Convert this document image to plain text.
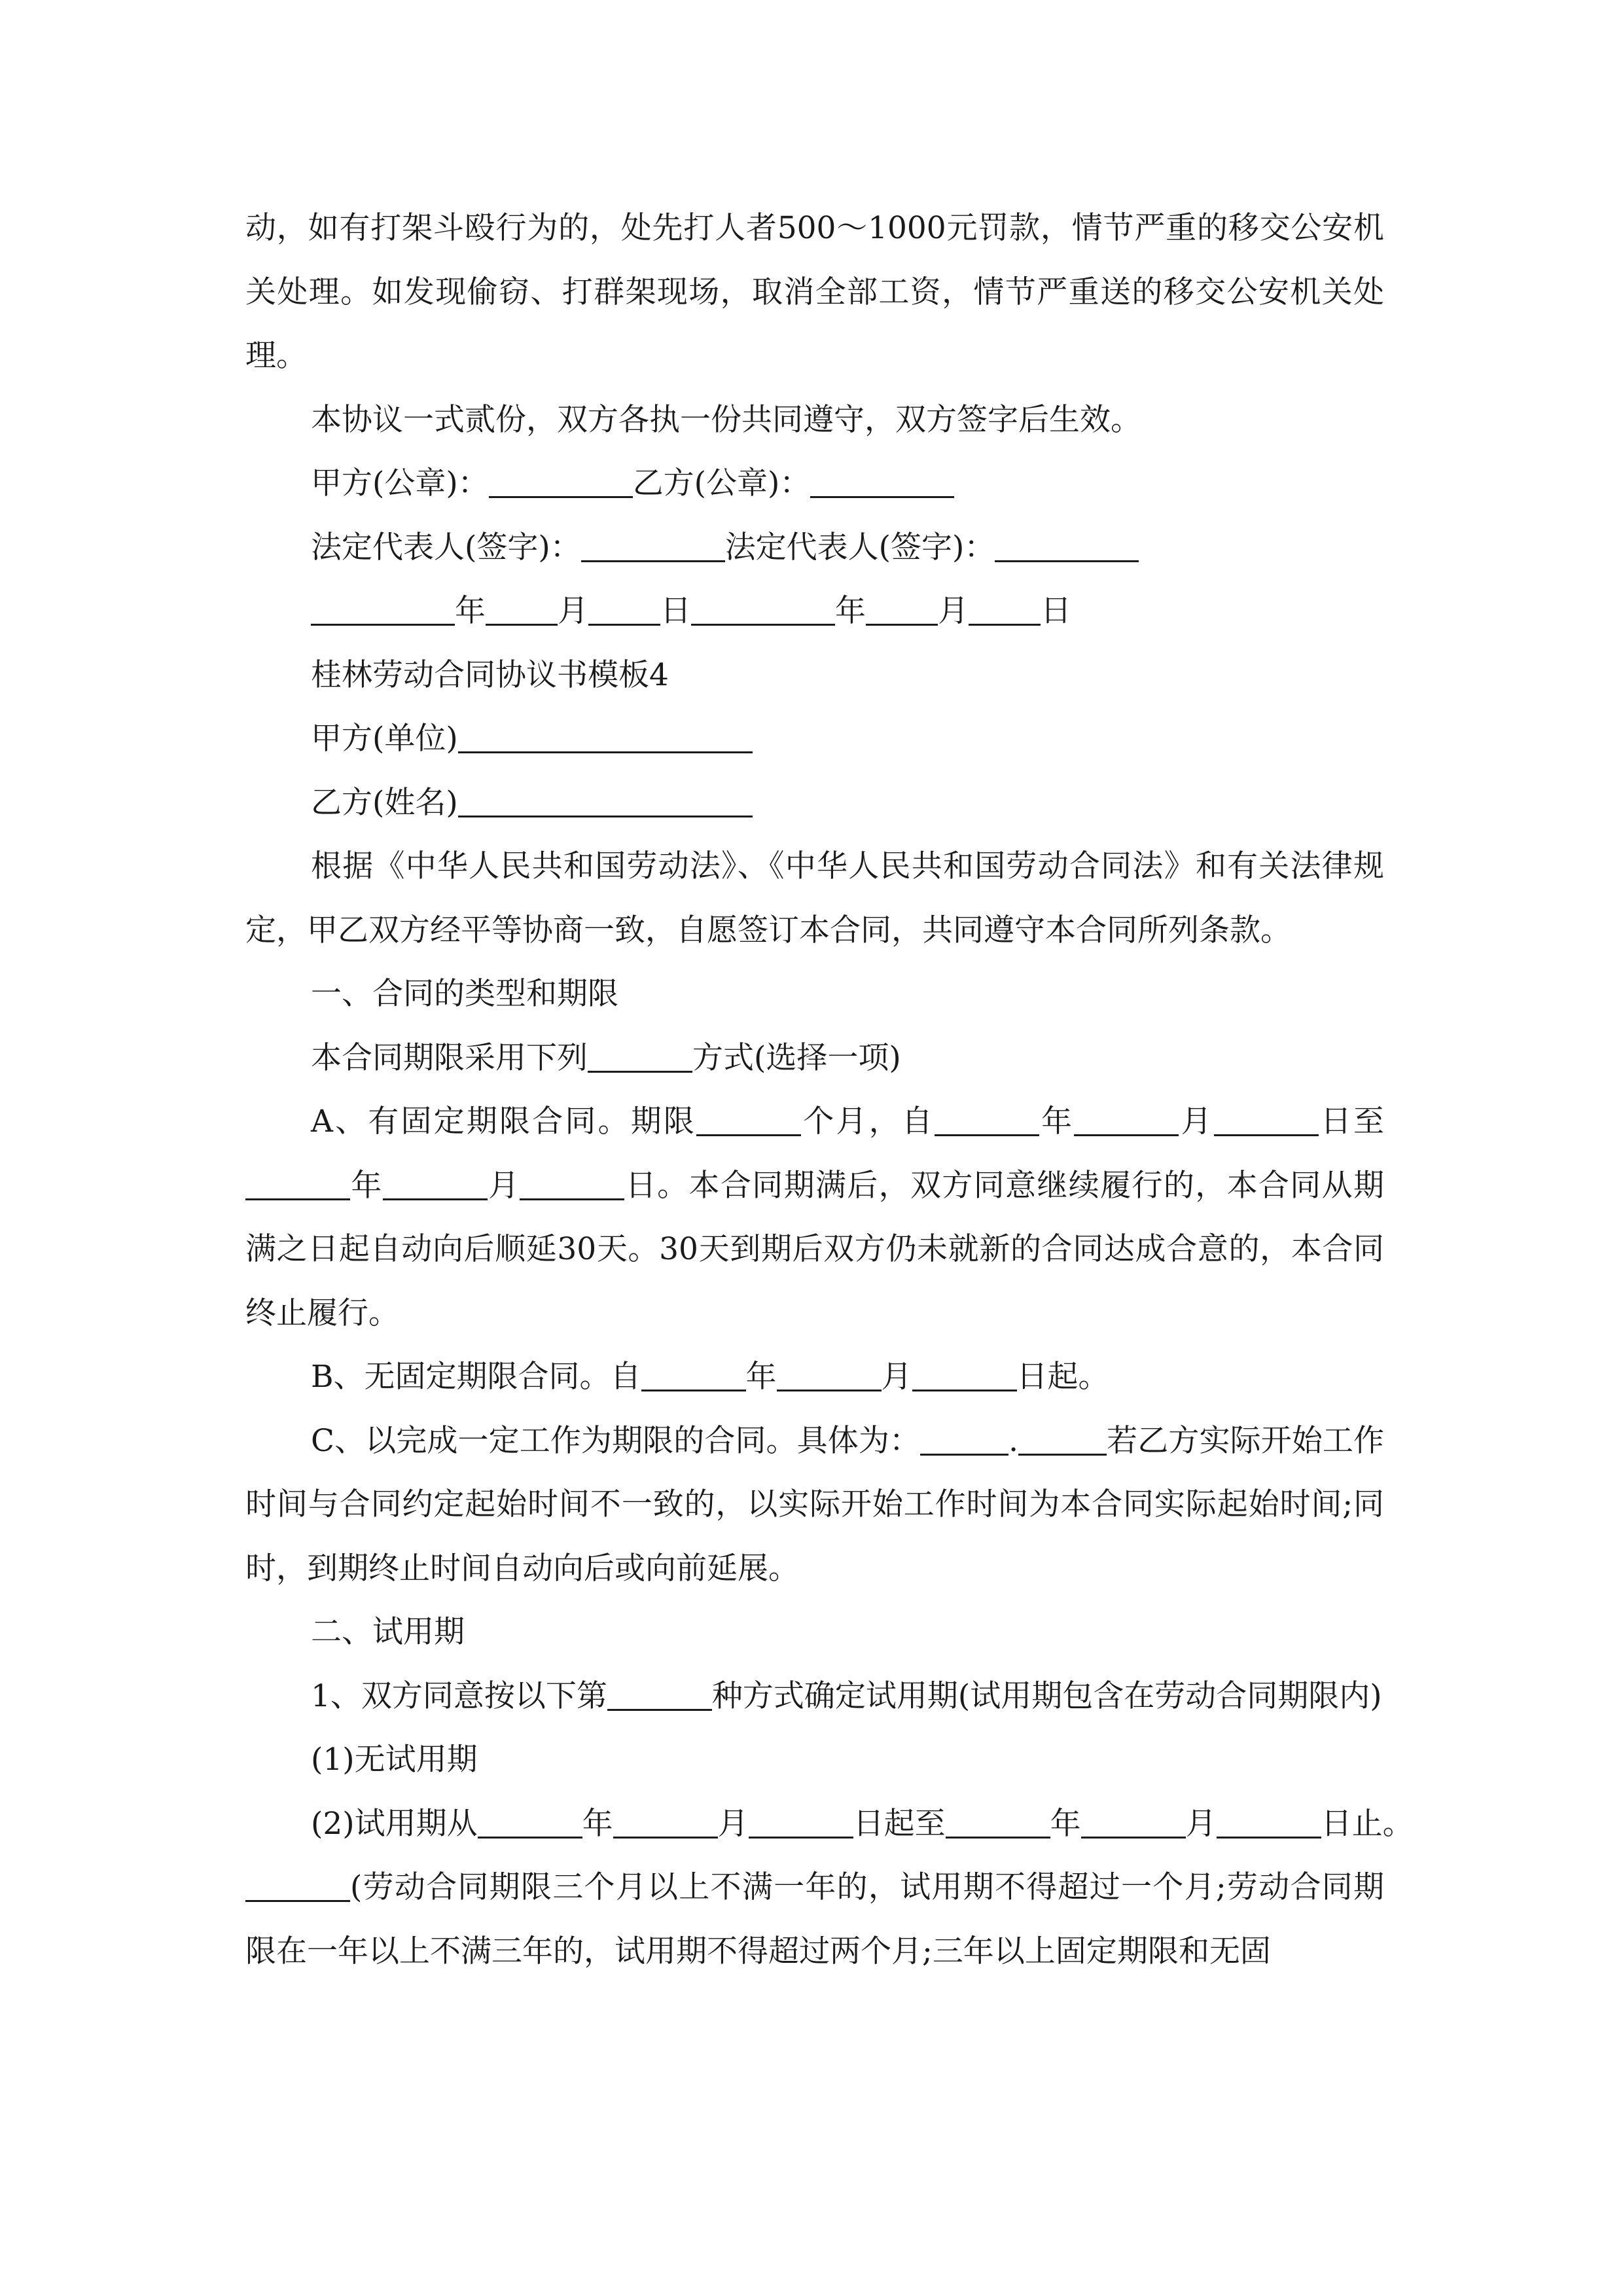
动，如有打架斗殴行为的，处先打人者500～1000元罚款，情节严重的移交公安机关处理。如发现偷窃、打群架现场，取消全部工资，情节严重送的移交公安机关处理。

本协议一式贰份，双方各执一份共同遵守，双方签字后生效。

甲方(公章)：	乙方(公章)：

法定代表人(签字)：	法定代表人(签字)：

年 月 日	年 月 日

桂林劳动合同协议书模板4

甲方(单位)

乙方(姓名)

根据《中华人民共和国劳动法》、《中华人民共和国劳动合同法》和有关法律规定，甲乙双方经平等协商一致，自愿签订本合同，共同遵守本合同所列条款。

一、合同的类型和期限

本合同期限采用下列	方式(选择一项)

A、有固定期限合同。期限	个月，自	年	月	日至年	月	日。本合同期满后，双方同意继续履行的，本合同从期满之日起自动向后顺延30天。30天到期后双方仍未就新的合同达成合意的，本合同终止履行。

B、无固定期限合同。自	年	月	日起。

C、以完成一定工作为期限的合同。具体为：	.	若乙方实际开始工作时间与合同约定起始时间不一致的，以实际开始工作时间为本合同实际起始时间;同时，到期终止时间自动向后或向前延展。

二、试用期

1、双方同意按以下第	种方式确定试用期(试用期包含在劳动合同期限内)

(1)无试用期

(2)试用期从	年	月	日起至	年	月	日止。

(劳动合同期限三个月以上不满一年的，试用期不得超过一个月;劳动合同期限在一年以上不满三年的，试用期不得超过两个月;三年以上固定期限和无固
